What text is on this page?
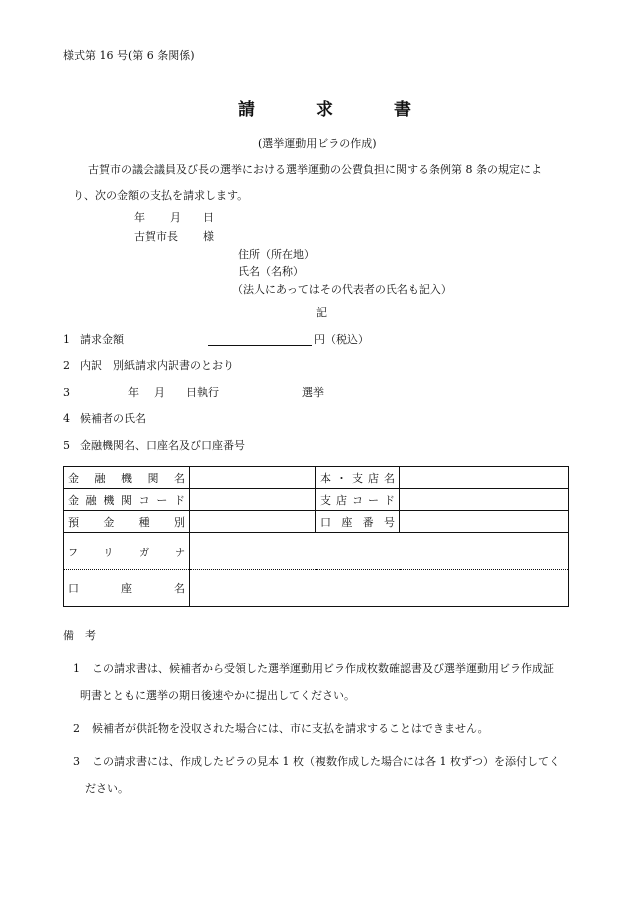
様式第 16 号(第 6 条関係)
請	求	書
(選挙運動用ビラの作成)
古賀市の議会議員及び長の選挙における選挙運動の公費負担に関する条例第 8 条の規定によ
り、次の金額の支払を請求します。
年 月 日
古賀市長 様
住所（所在地）
氏名（名称）
（法人にあってはその代表者の氏名も記入）
記
1 請求金額	円（税込）
2 内訳　別紙請求内訳書のとおり
3	年 月 日執行	選挙
4 候補者の氏名
5 金融機関名、口座名及び口座番号
金融機関名		本・支店名	
金融機関コード		支店コード	
預金種別		口座番号	
フリガナ			
口座名			
備　考
1 この請求書は、候補者から受領した選挙運動用ビラ作成枚数確認書及び選挙運動用ビラ作成証
明書とともに選挙の期日後速やかに提出してください。
2 候補者が供託物を没収された場合には、市に支払を請求することはできません。
3 この請求書には、作成したビラの見本 1 枚（複数作成した場合には各 1 枚ずつ）を添付してく
ださい。
